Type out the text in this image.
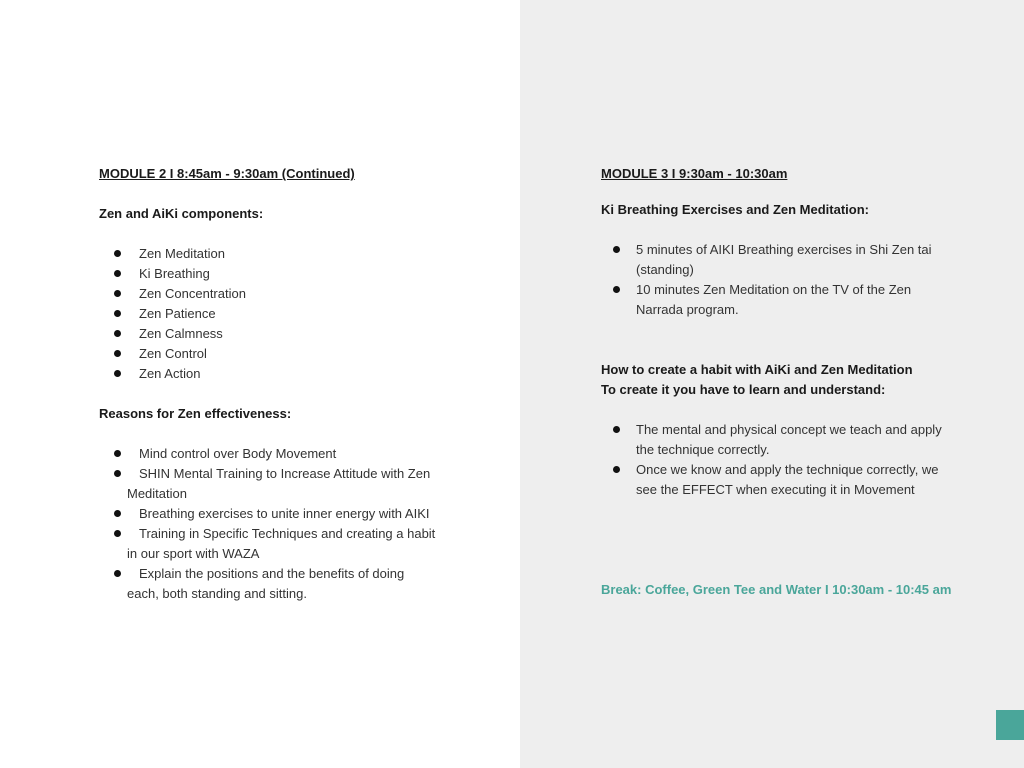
MODULE 2 I 8:45am - 9:30am (Continued)

Zen and AiKi components:

Zen Meditation
Ki Breathing
Zen Concentration
Zen Patience
Zen Calmness
Zen Control
Zen Action

Reasons for Zen effectiveness:

Mind control over Body Movement
SHIN Mental Training to Increase Attitude with Zen
Meditation
Breathing exercises to unite inner energy with AIKI
Training in Specific Techniques and creating a habit
in our sport with WAZA
Explain the positions and the benefits of doing
each, both standing and sitting.

MODULE 3 I 9:30am - 10:30am

Ki Breathing Exercises and Zen Meditation:

5 minutes of AIKI Breathing exercises in Shi Zen tai
(standing)
10 minutes Zen Meditation on the TV of the Zen
Narrada program.

How to create a habit with AiKi and Zen Meditation

To create it you have to learn and understand:

The mental and physical concept we teach and apply
the technique correctly.
Once we know and apply the technique correctly, we
see the EFFECT when executing it in Movement

Break: Coffee, Green Tee and Water I 10:30am - 10:45 am
